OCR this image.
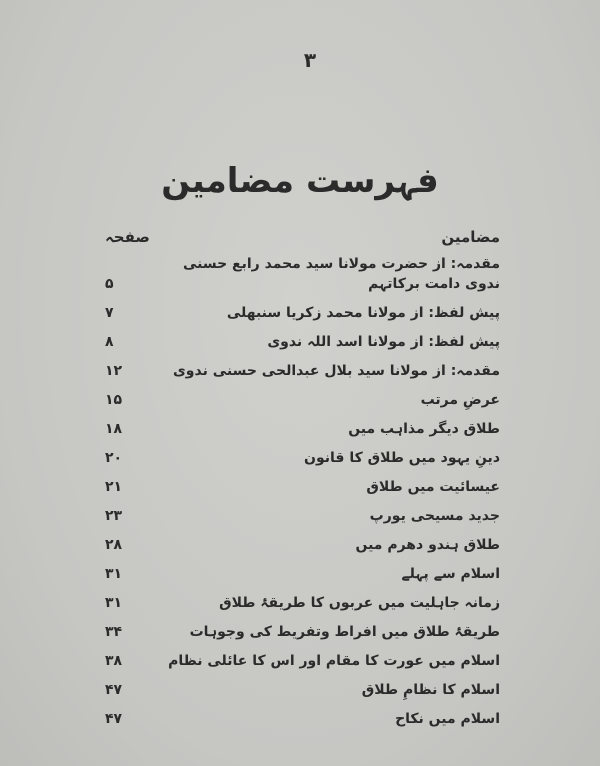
۳
فہرست مضامین
مضامین
صفحہ
مقدمہ: از حضرت مولانا سید محمد رابع حسنی ندوی دامت برکاتہم
۵
پیش لفظ: از مولانا محمد زکریا سنبھلی
۷
پیش لفظ: از مولانا اسد اللہ ندوی
۸
مقدمہ: از مولانا سید بلال عبدالحی حسنی ندوی
۱۲
عرضِ مرتب
۱۵
طلاق دیگر مذاہب میں
۱۸
دینِ یہود میں طلاق کا قانون
۲۰
عیسائیت میں طلاق
۲۱
جدید مسیحی یورپ
۲۳
طلاق ہندو دھرم میں
۲۸
اسلام سے پہلے
۳۱
زمانہ جاہلیت میں عربوں کا طریقۂ طلاق
۳۱
طریقۂ طلاق میں افراط وتفریط کی وجوہات
۳۴
اسلام میں عورت کا مقام اور اس کا عائلی نظام
۳۸
اسلام کا نظامِ طلاق
۴۷
اسلام میں نکاح
۴۷
